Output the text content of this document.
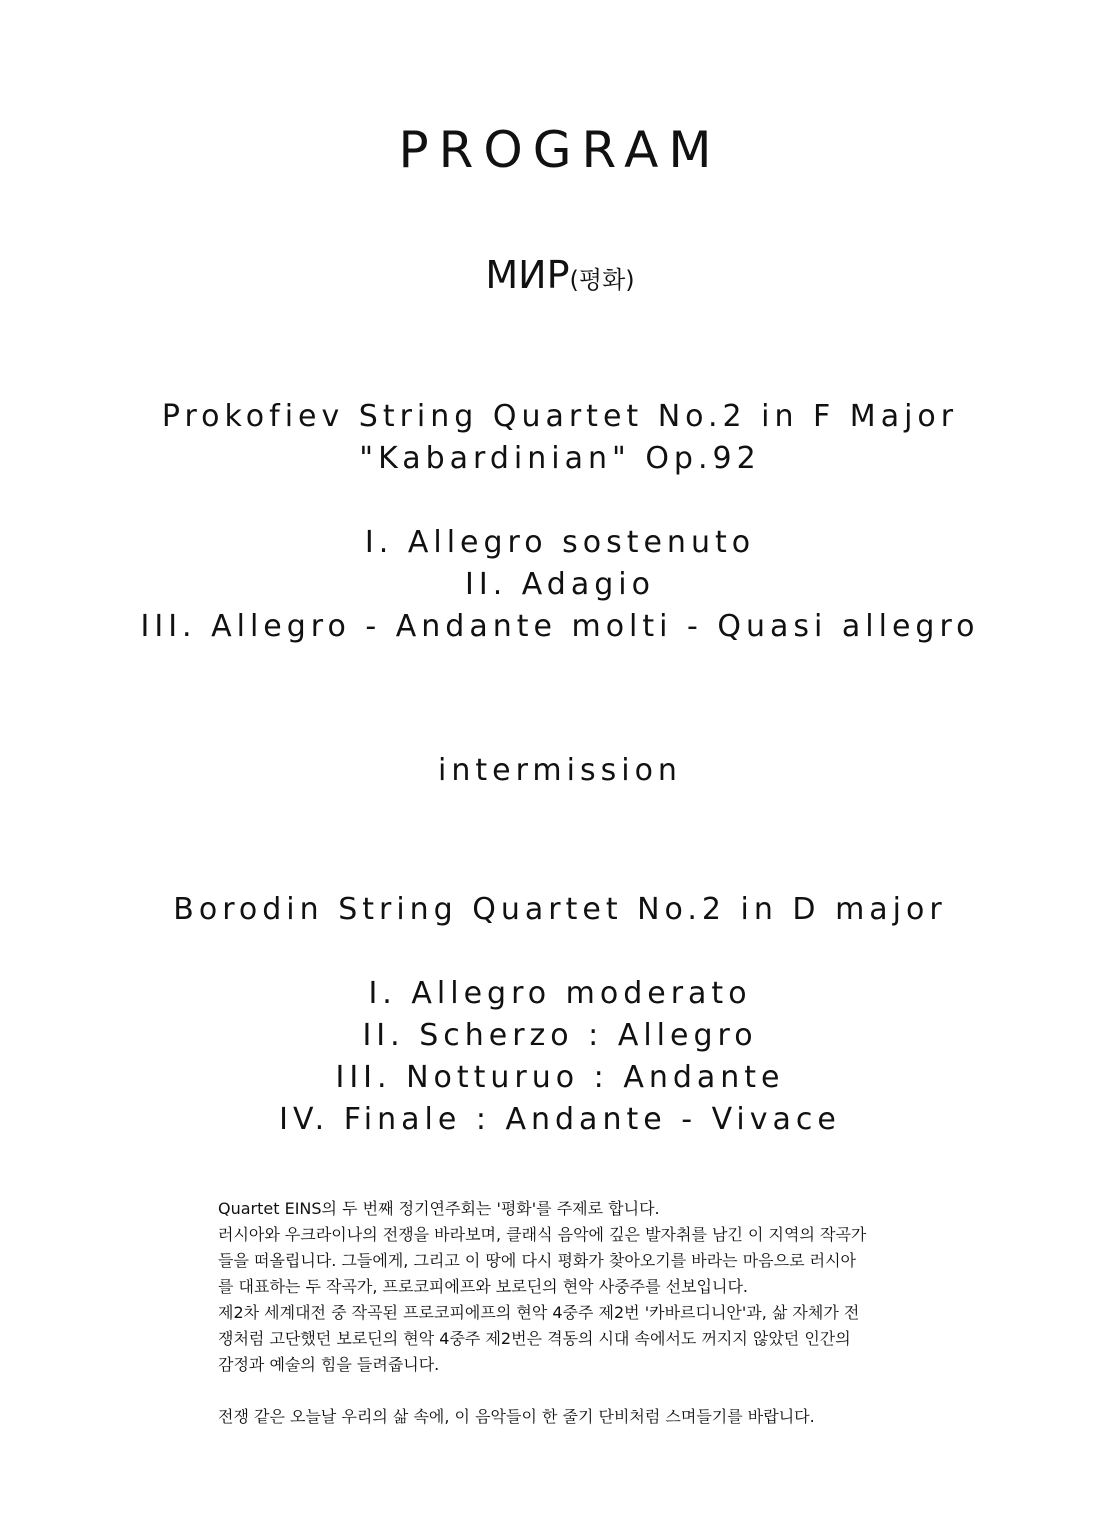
PROGRAM
МИР(평화)
Prokofiev String Quartet No.2 in F Major
"Kabardinian" Op.92
I. Allegro sostenuto
II. Adagio
III. Allegro - Andante molti - Quasi allegro
intermission
Borodin String Quartet No.2 in D major
I. Allegro moderato
II. Scherzo : Allegro
III. Notturuo : Andante
IV. Finale : Andante - Vivace

Quartet EINS의 두 번째 정기연주회는 '평화'를 주제로 합니다.

러시아와 우크라이나의 전쟁을 바라보며, 클래식 음악에 깊은 발자취를 남긴 이 지역의 작곡가

들을 떠올립니다. 그들에게, 그리고 이 땅에 다시 평화가 찾아오기를 바라는 마음으로 러시아

를 대표하는 두 작곡가, 프로코피에프와 보로딘의 현악 사중주를 선보입니다.

제2차 세계대전 중 작곡된 프로코피에프의 현악 4중주 제2번 '카바르디니안'과, 삶 자체가 전

쟁처럼 고단했던 보로딘의 현악 4중주 제2번은 격동의 시대 속에서도 꺼지지 않았던 인간의

감정과 예술의 힘을 들려줍니다.

전쟁 같은 오늘날 우리의 삶 속에, 이 음악들이 한 줄기 단비처럼 스며들기를 바랍니다.
